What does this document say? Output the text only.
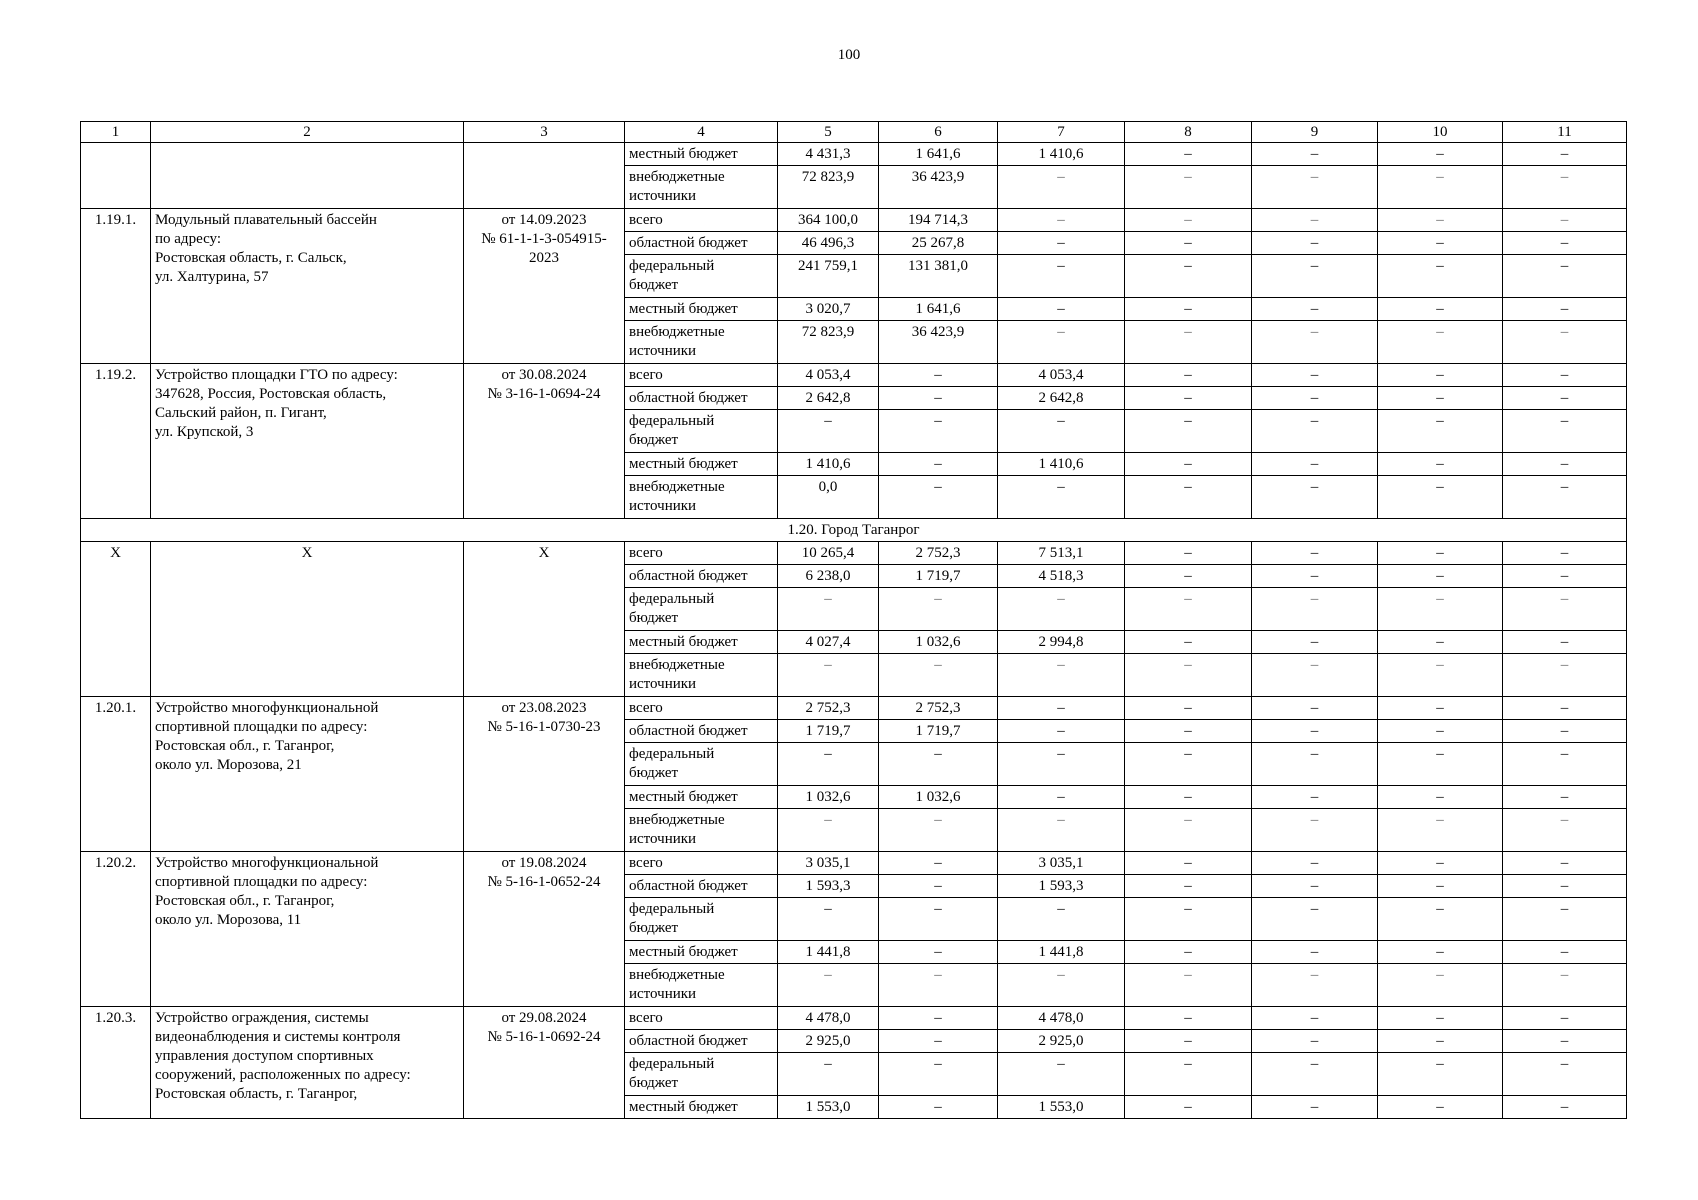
100
1	2	3	4	5	6	7	8	9	10	11
			местный бюджет	4 431,3	1 641,6	1 410,6	–	–	–	–
			внебюджетные
источники	72 823,9	36 423,9	–	–	–	–	–
1.19.1.	Модульный плавательный бассейн
по адресу:
Ростовская область, г. Сальск,
ул. Халтурина, 57	от 14.09.2023
№ 61-1-1-3-054915-
2023	всего	364 100,0	194 714,3	–	–	–	–	–
			областной бюджет	46 496,3	25 267,8	–	–	–	–	–
			федеральный
бюджет	241 759,1	131 381,0	–	–	–	–	–
			местный бюджет	3 020,7	1 641,6	–	–	–	–	–
			внебюджетные
источники	72 823,9	36 423,9	–	–	–	–	–
1.19.2.	Устройство площадки ГТО по адресу:
347628, Россия, Ростовская область,
Сальский район, п. Гигант,
ул. Крупской, 3	от 30.08.2024
№ 3-16-1-0694-24	всего	4 053,4	–	4 053,4	–	–	–	–
			областной бюджет	2 642,8	–	2 642,8	–	–	–	–
			федеральный
бюджет	–	–	–	–	–	–	–
			местный бюджет	1 410,6	–	1 410,6	–	–	–	–
			внебюджетные
источники	0,0	–	–	–	–	–	–
1.20. Город Таганрог										
Х	Х	Х	всего	10 265,4	2 752,3	7 513,1	–	–	–	–
			областной бюджет	6 238,0	1 719,7	4 518,3	–	–	–	–
			федеральный
бюджет	–	–	–	–	–	–	–
			местный бюджет	4 027,4	1 032,6	2 994,8	–	–	–	–
			внебюджетные
источники	–	–	–	–	–	–	–
1.20.1.	Устройство многофункциональной
спортивной площадки по адресу:
Ростовская обл., г. Таганрог,
около ул. Морозова, 21	от 23.08.2023
№ 5-16-1-0730-23	всего	2 752,3	2 752,3	–	–	–	–	–
			областной бюджет	1 719,7	1 719,7	–	–	–	–	–
			федеральный
бюджет	–	–	–	–	–	–	–
			местный бюджет	1 032,6	1 032,6	–	–	–	–	–
			внебюджетные
источники	–	–	–	–	–	–	–
1.20.2.	Устройство многофункциональной
спортивной площадки по адресу:
Ростовская обл., г. Таганрог,
около ул. Морозова, 11	от 19.08.2024
№ 5-16-1-0652-24	всего	3 035,1	–	3 035,1	–	–	–	–
			областной бюджет	1 593,3	–	1 593,3	–	–	–	–
			федеральный
бюджет	–	–	–	–	–	–	–
			местный бюджет	1 441,8	–	1 441,8	–	–	–	–
			внебюджетные
источники	–	–	–	–	–	–	–
1.20.3.	Устройство ограждения, системы
видеонаблюдения и системы контроля
управления доступом спортивных
сооружений, расположенных по адресу:
Ростовская область, г. Таганрог,	от 29.08.2024
№ 5-16-1-0692-24	всего	4 478,0	–	4 478,0	–	–	–	–
			областной бюджет	2 925,0	–	2 925,0	–	–	–	–
			федеральный
бюджет	–	–	–	–	–	–	–
			местный бюджет	1 553,0	–	1 553,0	–	–	–	–
